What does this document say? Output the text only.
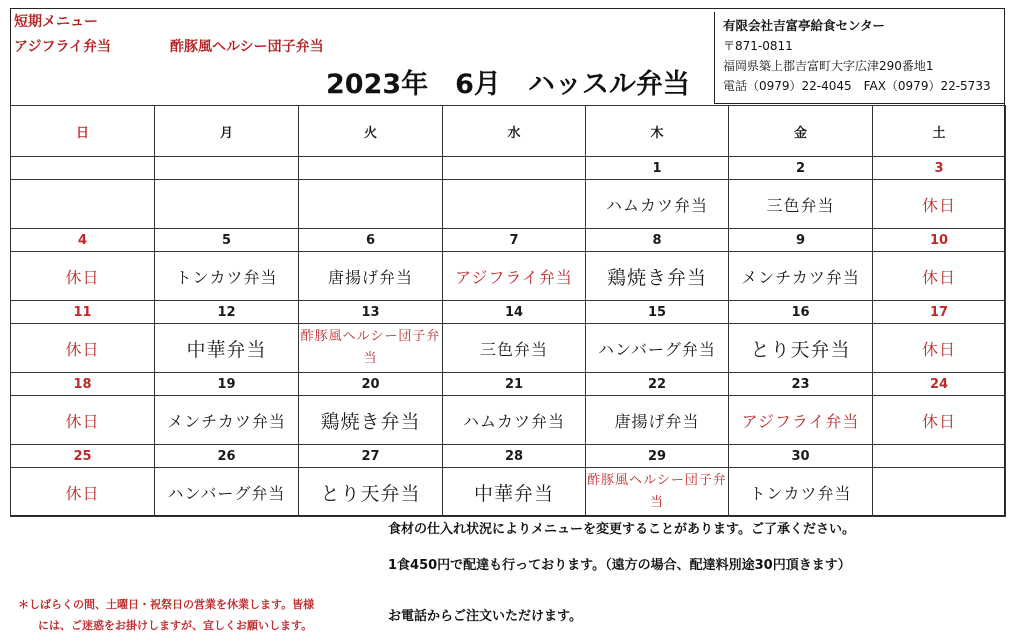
短期メニュー
アジフライ弁当	酢豚風ヘルシー団子弁当
2023年　6月　ハッスル弁当
有限会社吉富亭給食センター
〒871-0811
福岡県築上郡吉富町大字広津290番地1
電話（0979）22-4045　FAX（0979）22-5733
日	月	火	水	木	金	土
				1	2	3
				ハムカツ弁当	三色弁当	休日
4	5	6	7	8	9	10
休日	トンカツ弁当	唐揚げ弁当	アジフライ弁当	鶏焼き弁当	メンチカツ弁当	休日
11	12	13	14	15	16	17
休日	中華弁当	酢豚風ヘルシー団子弁当	三色弁当	ハンバーグ弁当	とり天弁当	休日
18	19	20	21	22	23	24
休日	メンチカツ弁当	鶏焼き弁当	ハムカツ弁当	唐揚げ弁当	アジフライ弁当	休日
25	26	27	28	29	30	
休日	ハンバーグ弁当	とり天弁当	中華弁当	酢豚風ヘルシー団子弁当	トンカツ弁当	
食材の仕入れ状況によりメニューを変更することがあります。ご了承ください。
1食450円で配達も行っております。（遠方の場合、配達料別途30円頂きます）
お電話からご注文いただけます。
＊しばらくの間、土曜日・祝祭日の営業を休業します。皆様
には、ご迷惑をお掛けしますが、宜しくお願いします。
